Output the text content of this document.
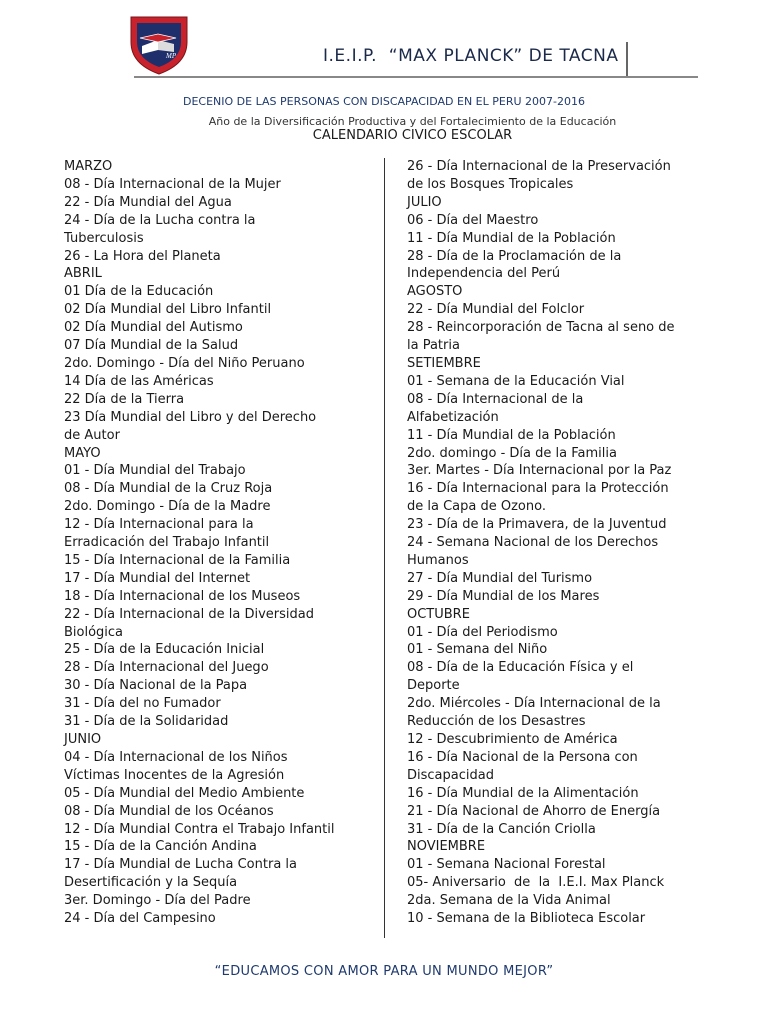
MP	I.E.I.P.  “MAX PLANCK” DE TACNA
DECENIO DE LAS PERSONAS CON DISCAPACIDAD EN EL PERU 2007-2016
Año de la Diversificación Productiva y del Fortalecimiento de la Educación
CALENDARIO CIVICO ESCOLAR
MARZO
08 - Día Internacional de la Mujer
22 - Día Mundial del Agua
24 - Día de la Lucha contra la
Tuberculosis
26 - La Hora del Planeta
ABRIL
01 Día de la Educación
02 Día Mundial del Libro Infantil
02 Día Mundial del Autismo
07 Día Mundial de la Salud
2do. Domingo - Día del Niño Peruano
14 Día de las Américas
22 Día de la Tierra
23 Día Mundial del Libro y del Derecho
de Autor
MAYO
01 - Día Mundial del Trabajo
08 - Día Mundial de la Cruz Roja
2do. Domingo - Día de la Madre
12 - Día Internacional para la
Erradicación del Trabajo Infantil
15 - Día Internacional de la Familia
17 - Día Mundial del Internet
18 - Día Internacional de los Museos
22 - Día Internacional de la Diversidad
Biológica
25 - Día de la Educación Inicial
28 - Día Internacional del Juego
30 - Día Nacional de la Papa
31 - Día del no Fumador
31 - Día de la Solidaridad
JUNIO
04 - Día Internacional de los Niños
Víctimas Inocentes de la Agresión
05 - Día Mundial del Medio Ambiente
08 - Día Mundial de los Océanos
12 - Día Mundial Contra el Trabajo Infantil
15 - Día de la Canción Andina
17 - Día Mundial de Lucha Contra la
Desertificación y la Sequía
3er. Domingo - Día del Padre
24 - Día del Campesino
26 - Día Internacional de la Preservación
de los Bosques Tropicales
JULIO
06 - Día del Maestro
11 - Día Mundial de la Población
28 - Día de la Proclamación de la
Independencia del Perú
AGOSTO
22 - Día Mundial del Folclor
28 - Reincorporación de Tacna al seno de
la Patria
SETIEMBRE
01 - Semana de la Educación Vial
08 - Día Internacional de la
Alfabetización
11 - Día Mundial de la Población
2do. domingo - Día de la Familia
3er. Martes - Día Internacional por la Paz
16 - Día Internacional para la Protección
de la Capa de Ozono.
23 - Día de la Primavera, de la Juventud
24 - Semana Nacional de los Derechos
Humanos
27 - Día Mundial del Turismo
29 - Día Mundial de los Mares
OCTUBRE
01 - Día del Periodismo
01 - Semana del Niño
08 - Día de la Educación Física y el
Deporte
2do. Miércoles - Día Internacional de la
Reducción de los Desastres
12 - Descubrimiento de América
16 - Día Nacional de la Persona con
Discapacidad
16 - Día Mundial de la Alimentación
21 - Día Nacional de Ahorro de Energía
31 - Día de la Canción Criolla
NOVIEMBRE
01 - Semana Nacional Forestal
05- Aniversario  de  la  I.E.I. Max Planck
2da. Semana de la Vida Animal
10 - Semana de la Biblioteca Escolar
“EDUCAMOS CON AMOR PARA UN MUNDO MEJOR”
